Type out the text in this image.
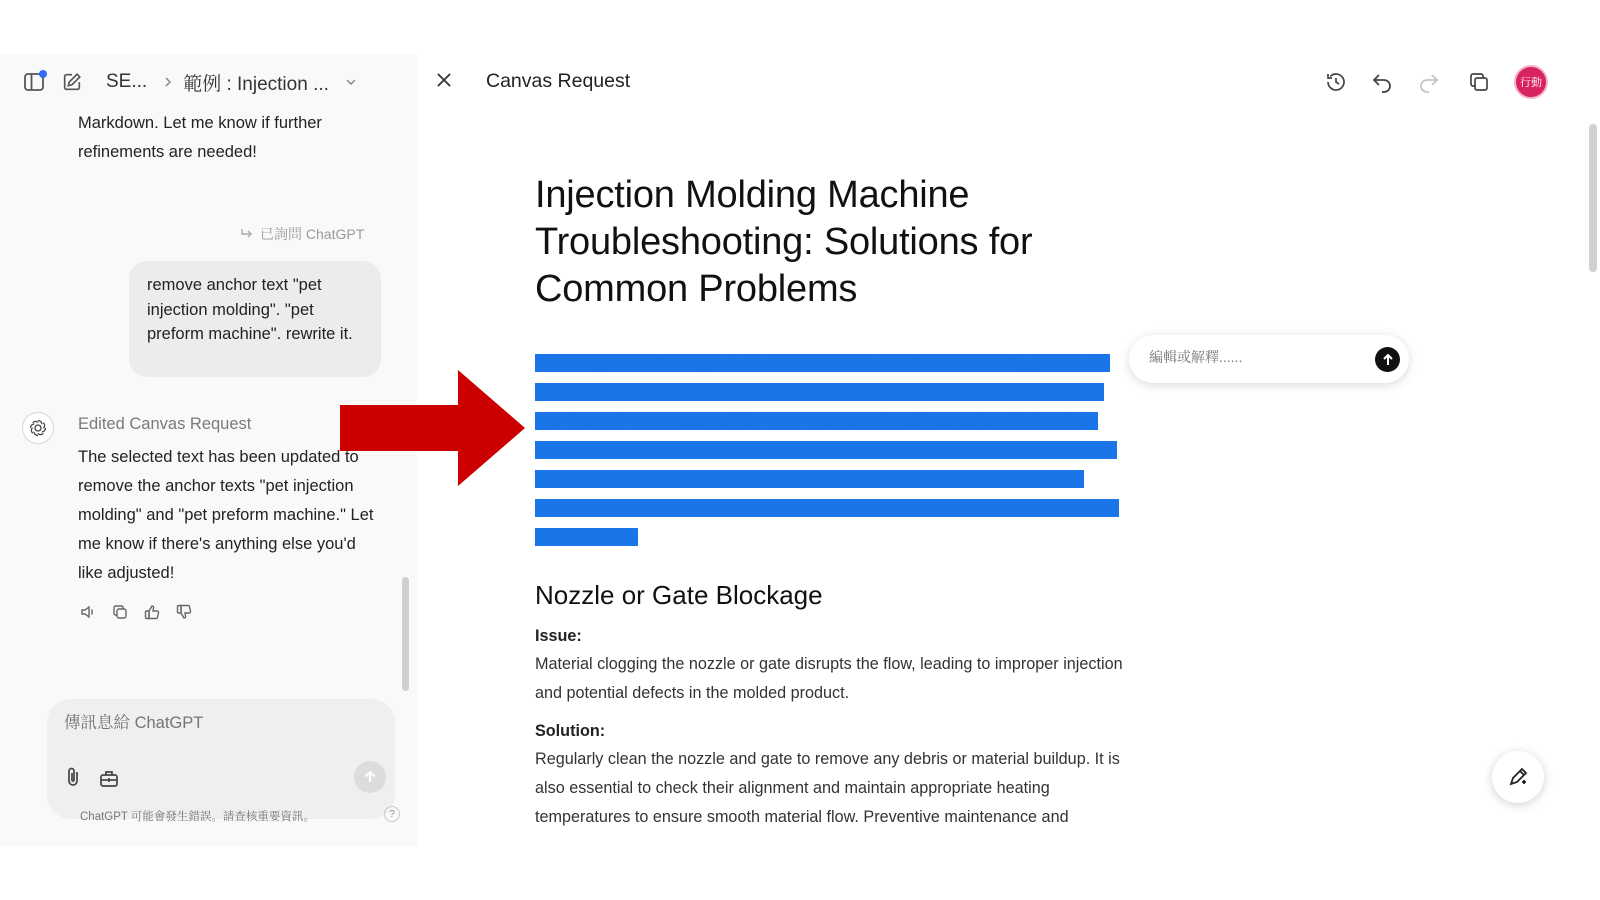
SE... 範例 : Injection ...
Markdown. Let me know if further refinements are needed!
已詢問 ChatGPT
remove anchor text "pet injection molding". "pet preform machine". rewrite it.
Edited Canvas Request
The selected text has been updated to remove the anchor texts "pet injection molding" and "pet preform machine." Let me know if there's anything else you'd like adjusted!
傳訊息給 ChatGPT
ChatGPT 可能會發生錯誤。請查核重要資訊。	?
Canvas Request	行動
Injection Molding Machine Troubleshooting: Solutions for Common Problems

Plastic injection molding machines are vital to modern manufacturing processes, producing components with precision and efficiency. However, like any complex machinery, they are susceptible to various operational issues. Identifying these problems early and resolving them effectively is critical to maintaining productivity and avoiding costly downtime. This article explores seven common problems encountered in plastic injection molding machines and offers practical solutions to address them.

Nozzle or Gate Blockage
Issue:

Material clogging the nozzle or gate disrupts the flow, leading to improper injection and potential defects in the molded product.

Solution:

Regularly clean the nozzle and gate to remove any debris or material buildup. It is also essential to check their alignment and maintain appropriate heating temperatures to ensure smooth material flow. Preventive maintenance and

編輯或解釋......
